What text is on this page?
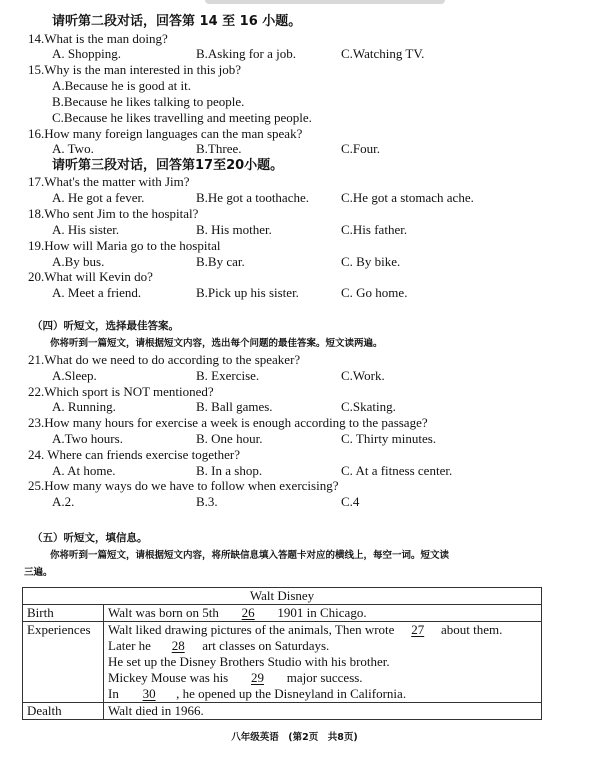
请听第二段对话，回答第 14 至 16 小题。
14.What is the man doing?
A. Shopping.	B.Asking for a job.	C.Watching TV.
15.Why is the man interested in this job?
A.Because he is good at it.
B.Because he likes talking to people.
C.Because he likes travelling and meeting people.
16.How many foreign languages can the man speak?
A. Two.	B.Three.	C.Four.
请听第三段对话，回答第17至20小题。
17.What's the matter with Jim?
A. He got a fever.	B.He got a toothache. C.He got a stomach ache.
18.Who sent Jim to the hospital?
A. His sister.	B. His mother.	C.His father.
19.How will Maria go to the hospital
A.By bus.	B.By car.	C. By bike.
20.What will Kevin do?
A. Meet a friend.	B.Pick up his sister.	C. Go home.
（四）听短文，选择最佳答案。
你将听到一篇短文，请根据短文内容，选出每个问题的最佳答案。短文读两遍。
21.What do we need to do according to the speaker?
A.Sleep.	B. Exercise.	C.Work.
22.Which sport is NOT mentioned?
A. Running.	B. Ball games.	C.Skating.
23.How many hours for exercise a week is enough according to the passage?
A.Two hours.	B. One hour.	C. Thirty minutes.
24. Where can friends exercise together?
A. At home.	B. In a shop.	C. At a fitness center.
25.How many ways do we have to follow when exercising?
A.2.	B.3.	C.4
（五）听短文，填信息。
你将听到一篇短文，请根据短文内容，将所缺信息填入答题卡对应的横线上，每空一词。短文读
三遍。
Walt Disney	
Birth	Walt was born on 5th 26 1901 in Chicago.
Experiences	Walt liked drawing pictures of the animals, Then wrote 27 about them.
Later he 28 art classes on Saturdays.
He set up the Disney Brothers Studio with his brother.
Mickey Mouse was his 29 major success.
In 30 , he opened up the Disneyland in California.

Dealth	Walt died in 1966.
八年级英语　(第2页　共8页)
